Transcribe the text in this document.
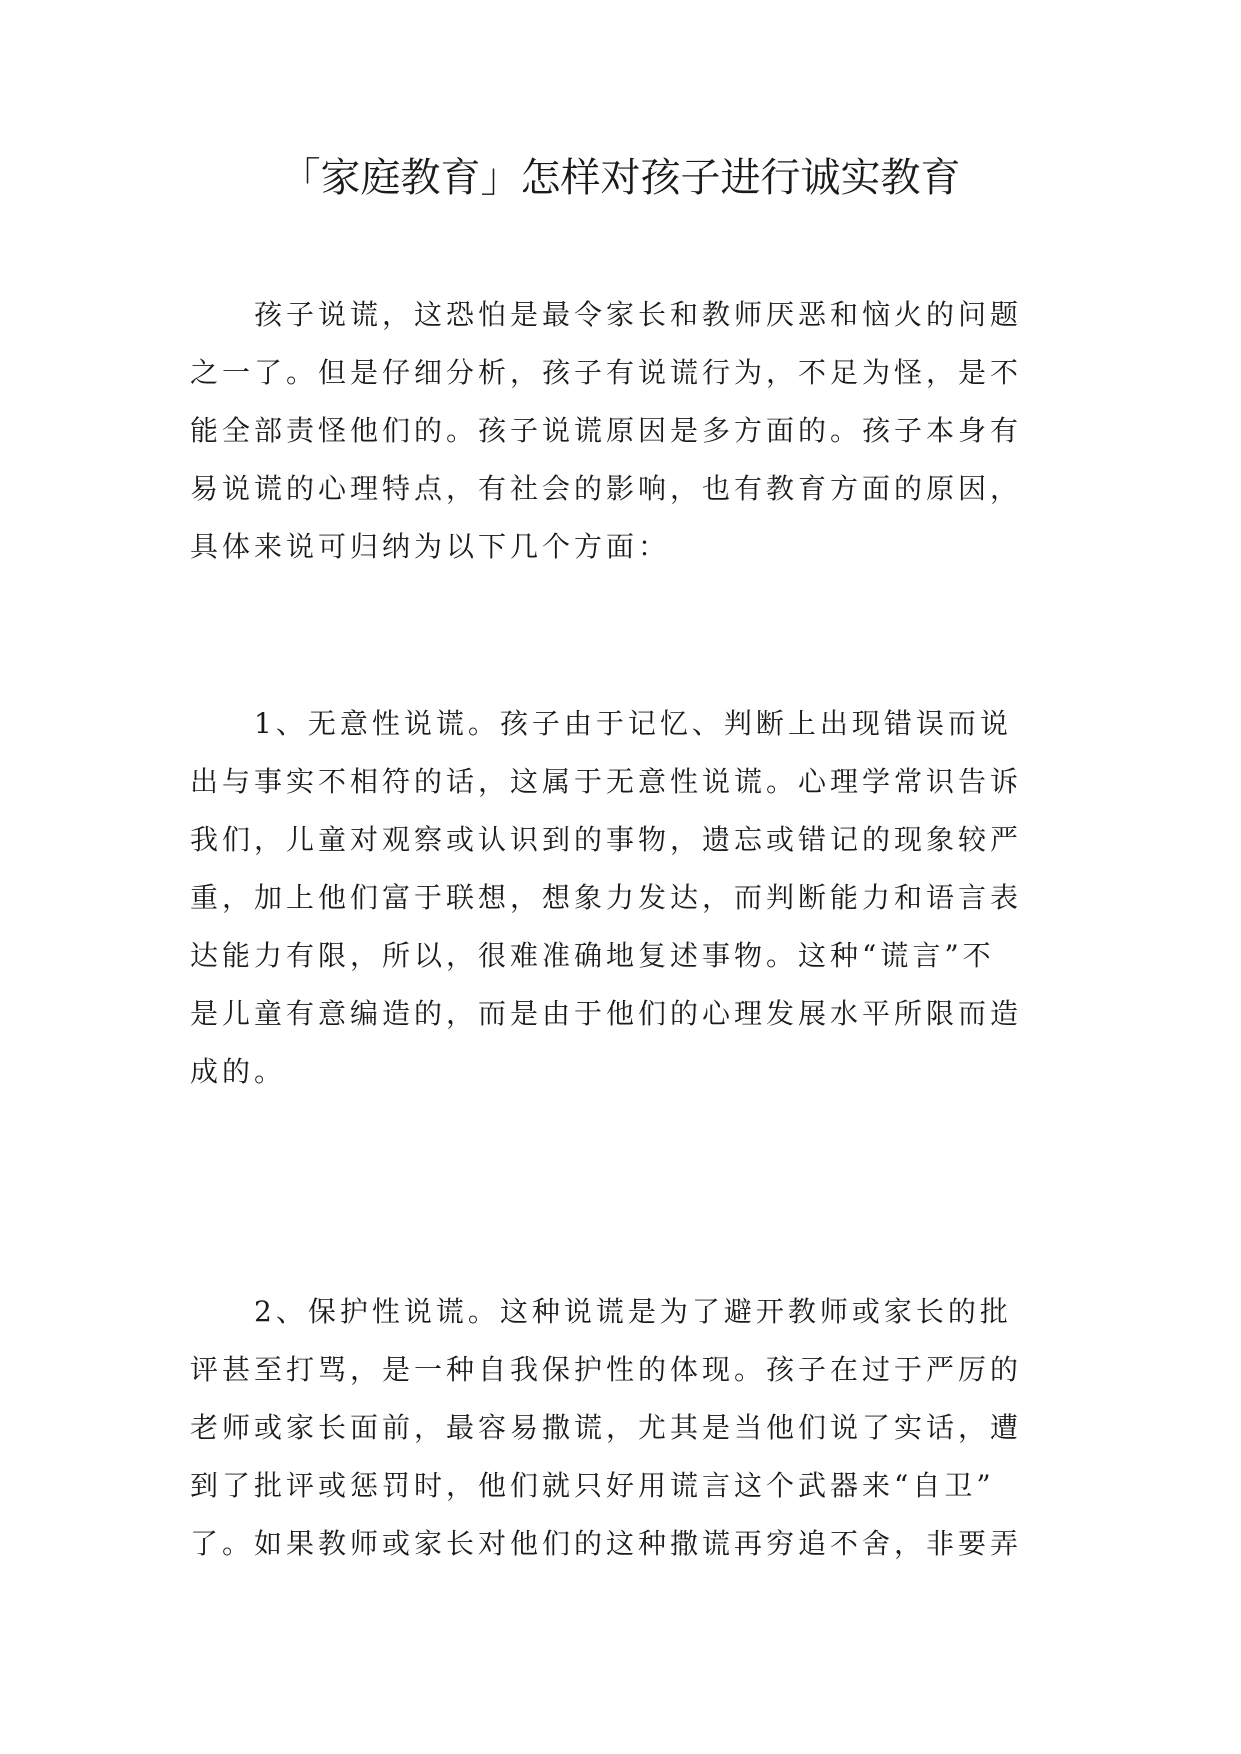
「家庭教育」怎样对孩子进行诚实教育
孩子说谎，这恐怕是最令家长和教师厌恶和恼火的问题
之一了。但是仔细分析，孩子有说谎行为，不足为怪，是不
能全部责怪他们的。孩子说谎原因是多方面的。孩子本身有
易说谎的心理特点，有社会的影响，也有教育方面的原因，
具体来说可归纳为以下几个方面：
1、无意性说谎。孩子由于记忆、判断上出现错误而说
出与事实不相符的话，这属于无意性说谎。心理学常识告诉
我们，儿童对观察或认识到的事物，遗忘或错记的现象较严
重，加上他们富于联想，想象力发达，而判断能力和语言表
达能力有限，所以，很难准确地复述事物。这种“谎言”不
是儿童有意编造的，而是由于他们的心理发展水平所限而造
成的。
2、保护性说谎。这种说谎是为了避开教师或家长的批
评甚至打骂，是一种自我保护性的体现。孩子在过于严厉的
老师或家长面前，最容易撒谎，尤其是当他们说了实话，遭
到了批评或惩罚时，他们就只好用谎言这个武器来“自卫”
了。如果教师或家长对他们的这种撒谎再穷追不舍，非要弄
